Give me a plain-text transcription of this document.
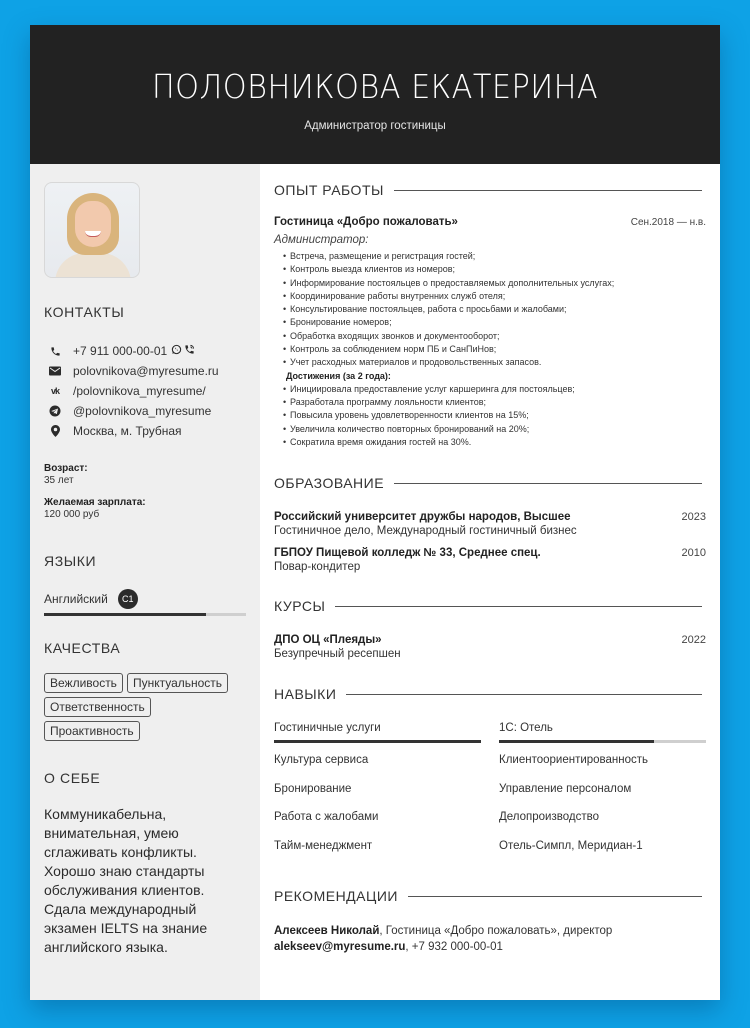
ПОЛОВНИКОВА ЕКАТЕРИНА
Администратор гостиницы
КОНТАКТЫ
+7 911 000-00-01
polovnikova@myresume.ru
vk /polovnikova_myresume/
@polovnikova_myresume
Москва, м. Трубная
Возраст:
35 лет
Желаемая зарплата:
120 000 руб
ЯЗЫКИ
Английский	C1
КАЧЕСТВА
Вежливость	Пунктуальность
Ответственность
Проактивность
О СЕБЕ
Коммуникабельна, внимательная, умею сглаживать конфликты. Хорошо знаю стандарты обслуживания клиентов. Сдала международный экзамен IELTS на знание английского языка.
ОПЫТ РАБОТЫ
Гостиница «Добро пожаловать»	Сен.2018 — н.в.
Администратор:
• Встреча, размещение и регистрация гостей;
• Контроль выезда клиентов из номеров;
• Информирование постояльцев о предоставляемых дополнительных услугах;
• Координирование работы внутренних служб отеля;
• Консультирование постояльцев, работа с просьбами и жалобами;
• Бронирование номеров;
• Обработка входящих звонков и документооборот;
• Контроль за соблюдением норм ПБ и СанПиНов;
• Учет расходных материалов и продовольственных запасов.
Достижения (за 2 года):
• Инициировала предоставление услуг каршеринга для постояльцев;
• Разработала программу лояльности клиентов;
• Повысила уровень удовлетворенности клиентов на 15%;
• Увеличила количество повторных бронирований на 20%;
• Сократила время ожидания гостей на 30%.
ОБРАЗОВАНИЕ
Российский университет дружбы народов, Высшее	2023
Гостиничное дело, Международный гостиничный бизнес
ГБПОУ Пищевой колледж № 33, Среднее спец.	2010
Повар-кондитер
КУРСЫ
ДПО ОЦ «Плеяды»	2022
Безупречный ресепшен
НАВЫКИ
Гостиничные услуги	1С: Отель
Культура сервиса	Клиентоориентированность
Бронирование	Управление персоналом
Работа с жалобами	Делопроизводство
Тайм-менеджмент	Отель-Симпл, Меридиан-1
РЕКОМЕНДАЦИИ
Алексеев Николай, Гостиница «Добро пожаловать», директор
alekseev@myresume.ru, +7 932 000-00-01
